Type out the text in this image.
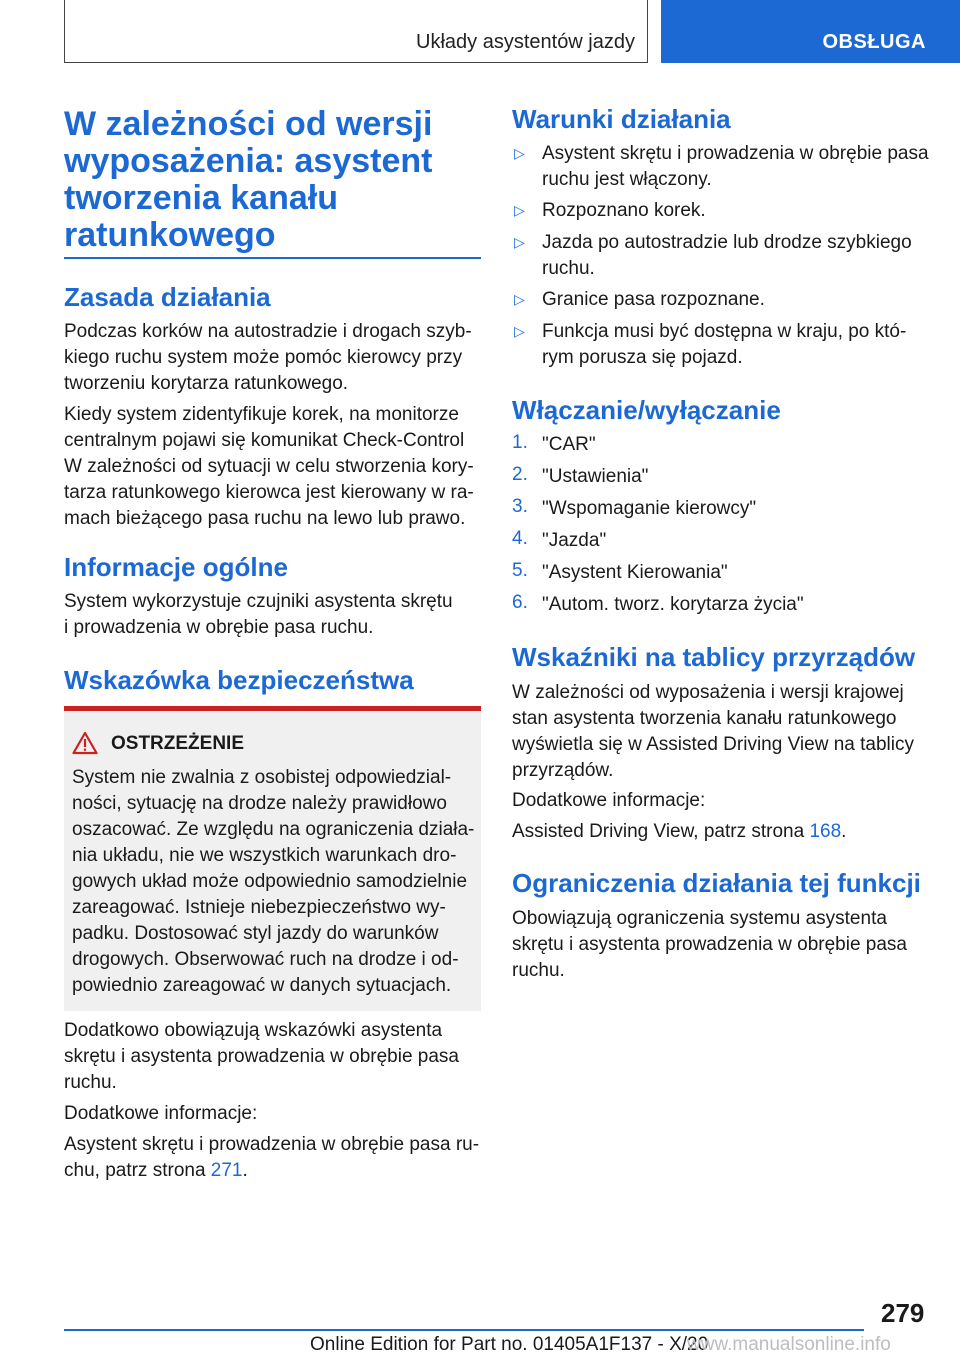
Układy asystentów jazdy	OBSŁUGA
W zależności od wersji
wyposażenia: asystent
tworzenia kanału
ratunkowego
Zasada działania
Podczas korków na autostradzie i drogach szyb-
kiego ruchu system może pomóc kierowcy przy
tworzeniu korytarza ratunkowego.
Kiedy system zidentyfikuje korek, na monitorze
centralnym pojawi się komunikat Check-Control
W zależności od sytuacji w celu stworzenia kory-
tarza ratunkowego kierowca jest kierowany w ra-
mach bieżącego pasa ruchu na lewo lub prawo.
Informacje ogólne
System wykorzystuje czujniki asystenta skrętu
i prowadzenia w obrębie pasa ruchu.
Wskazówka bezpieczeństwa
OSTRZEŻENIE
System nie zwalnia z osobistej odpowiedzial-
ności, sytuację na drodze należy prawidłowo
oszacować. Ze względu na ograniczenia działa-
nia układu, nie we wszystkich warunkach dro-
gowych układ może odpowiednio samodzielnie
zareagować. Istnieje niebezpieczeństwo wy-
padku. Dostosować styl jazdy do warunków
drogowych. Obserwować ruch na drodze i od-
powiednio zareagować w danych sytuacjach.
Dodatkowo obowiązują wskazówki asystenta
skrętu i asystenta prowadzenia w obrębie pasa
ruchu.
Dodatkowe informacje:
Asystent skrętu i prowadzenia w obrębie pasa ru-
chu, patrz strona 271.
Warunki działania
▷ Asystent skrętu i prowadzenia w obrębie pasa
ruchu jest włączony.
▷ Rozpoznano korek.
▷ Jazda po autostradzie lub drodze szybkiego
ruchu.
▷ Granice pasa rozpoznane.
▷ Funkcja musi być dostępna w kraju, po któ-
rym porusza się pojazd.
Włączanie/wyłączanie
1. "CAR"
2. "Ustawienia"
3. "Wspomaganie kierowcy"
4. "Jazda"
5. "Asystent Kierowania"
6. "Autom. tworz. korytarza życia"
Wskaźniki na tablicy przyrządów
W zależności od wyposażenia i wersji krajowej
stan asystenta tworzenia kanału ratunkowego
wyświetla się w Assisted Driving View na tablicy
przyrządów.
Dodatkowe informacje:
Assisted Driving View, patrz strona 168.
Ograniczenia działania tej funkcji
Obowiązują ograniczenia systemu asystenta
skrętu i asystenta prowadzenia w obrębie pasa
ruchu.
279
Online Edition for Part no. 01405A1F137 - X/20
www.manualsonline.info
